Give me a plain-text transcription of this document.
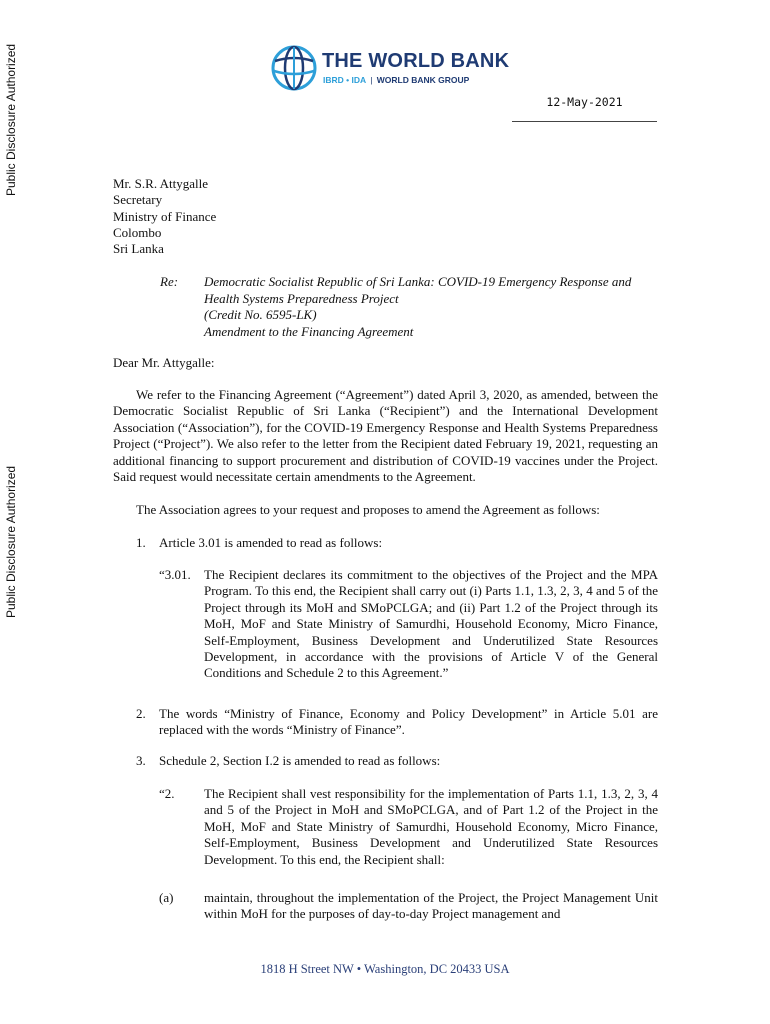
Public Disclosure Authorized
Public Disclosure Authorized
THE WORLD BANK
IBRD • IDA | WORLD BANK GROUP
12-May-2021
Mr. S.R. Attygalle
Secretary
Ministry of Finance
Colombo
Sri Lanka
Re: Democratic Socialist Republic of Sri Lanka: COVID-19 Emergency Response and
Health Systems Preparedness Project
(Credit No. 6595-LK)
Amendment to the Financing Agreement
Dear Mr. Attygalle:
We refer to the Financing Agreement (“Agreement”) dated April 3, 2020, as amended, between the Democratic Socialist Republic of Sri Lanka (“Recipient”) and the International Development Association (“Association”), for the COVID-19 Emergency Response and Health Systems Preparedness Project (“Project”). We also refer to the letter from the Recipient dated February 19, 2021, requesting an additional financing to support procurement and distribution of COVID-19 vaccines under the Project. Said request would necessitate certain amendments to the Agreement.
The Association agrees to your request and proposes to amend the Agreement as follows:
1. Article 3.01 is amended to read as follows:
“3.01. The Recipient declares its commitment to the objectives of the Project and the MPA Program. To this end, the Recipient shall carry out (i) Parts 1.1, 1.3, 2, 3, 4 and 5 of the Project through its MoH and SMoPCLGA; and (ii) Part 1.2 of the Project through its MoH, MoF and State Ministry of Samurdhi, Household Economy, Micro Finance, Self-Employment, Business Development and Underutilized State Resources Development, in accordance with the provisions of Article V of the General Conditions and Schedule 2 to this Agreement.”
2. The words “Ministry of Finance, Economy and Policy Development” in Article 5.01 are replaced with the words “Ministry of Finance”.
3. Schedule 2, Section I.2 is amended to read as follows:
“2. The Recipient shall vest responsibility for the implementation of Parts 1.1, 1.3, 2, 3, 4 and 5 of the Project in MoH and SMoPCLGA, and of Part 1.2 of the Project in the MoH, MoF and State Ministry of Samurdhi, Household Economy, Micro Finance, Self-Employment, Business Development and Underutilized State Resources Development. To this end, the Recipient shall:
(a) maintain, throughout the implementation of the Project, the Project Management Unit within MoH for the purposes of day-to-day Project management and
1818 H Street NW • Washington, DC 20433 USA
